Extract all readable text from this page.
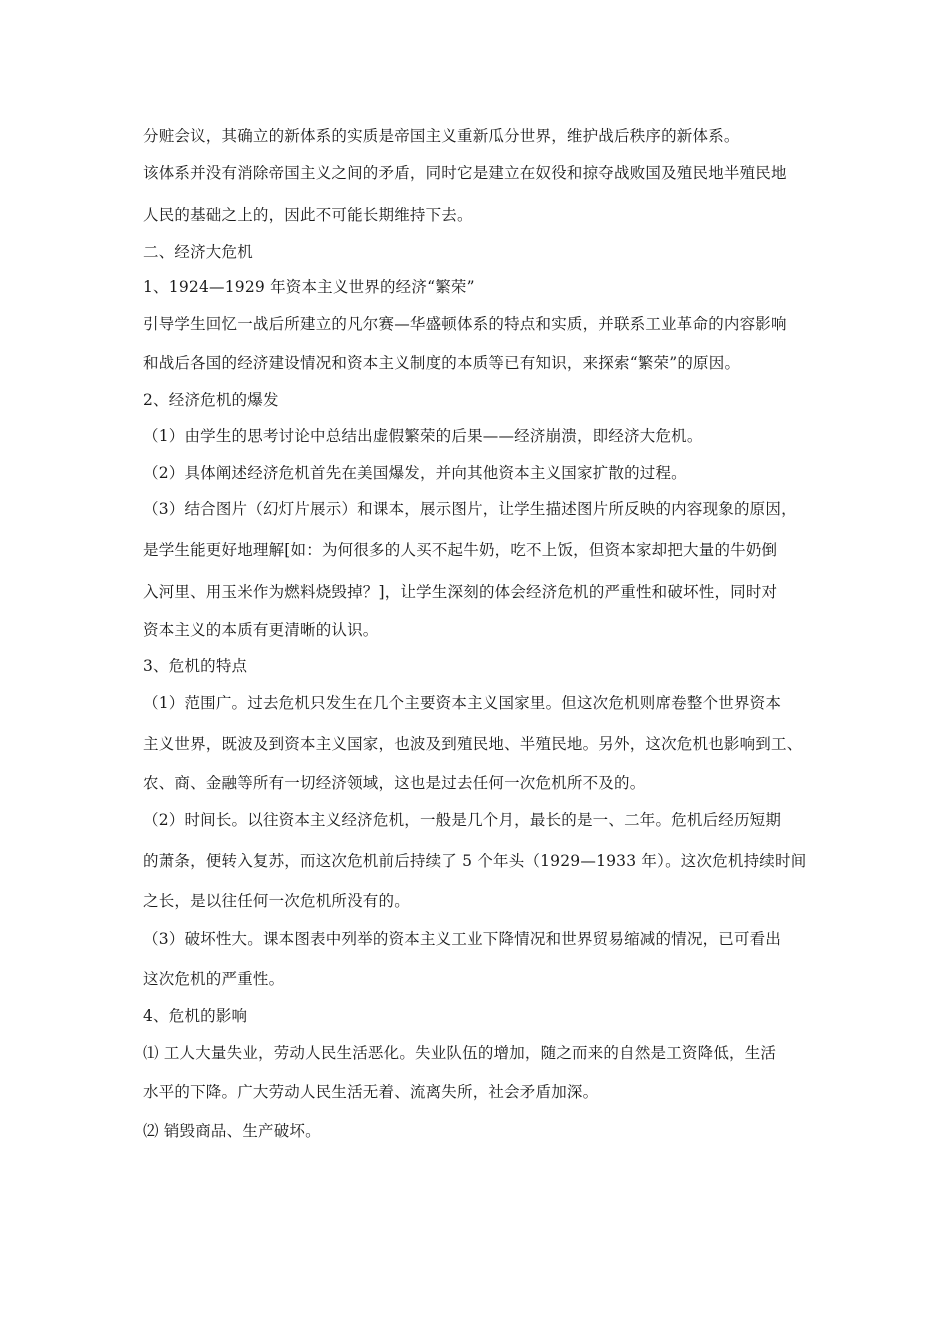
分赃会议，其确立的新体系的实质是帝国主义重新瓜分世界，维护战后秩序的新体系。
该体系并没有消除帝国主义之间的矛盾，同时它是建立在奴役和掠夺战败国及殖民地半殖民地
人民的基础之上的，因此不可能长期维持下去。
二、经济大危机
1、1924—1929 年资本主义世界的经济“繁荣”
引导学生回忆一战后所建立的凡尔赛—华盛顿体系的特点和实质，并联系工业革命的内容影响
和战后各国的经济建设情况和资本主义制度的本质等已有知识，来探索“繁荣”的原因。
2、经济危机的爆发
（1）由学生的思考讨论中总结出虚假繁荣的后果——经济崩溃，即经济大危机。
（2）具体阐述经济危机首先在美国爆发，并向其他资本主义国家扩散的过程。
（3）结合图片（幻灯片展示）和课本，展示图片，让学生描述图片所反映的内容现象的原因，
是学生能更好地理解[如：为何很多的人买不起牛奶，吃不上饭，但资本家却把大量的牛奶倒
入河里、用玉米作为燃料烧毁掉？]，让学生深刻的体会经济危机的严重性和破坏性，同时对
资本主义的本质有更清晰的认识。
3、危机的特点
（1）范围广。过去危机只发生在几个主要资本主义国家里。但这次危机则席卷整个世界资本
主义世界，既波及到资本主义国家，也波及到殖民地、半殖民地。另外，这次危机也影响到工、
农、商、金融等所有一切经济领域，这也是过去任何一次危机所不及的。
（2）时间长。以往资本主义经济危机，一般是几个月，最长的是一、二年。危机后经历短期
的萧条，便转入复苏，而这次危机前后持续了 5 个年头（1929—1933 年）。这次危机持续时间
之长，是以往任何一次危机所没有的。
（3）破坏性大。课本图表中列举的资本主义工业下降情况和世界贸易缩减的情况，已可看出
这次危机的严重性。
4、危机的影响
⑴ 工人大量失业，劳动人民生活恶化。失业队伍的增加，随之而来的自然是工资降低，生活
水平的下降。广大劳动人民生活无着、流离失所，社会矛盾加深。
⑵ 销毁商品、生产破坏。
